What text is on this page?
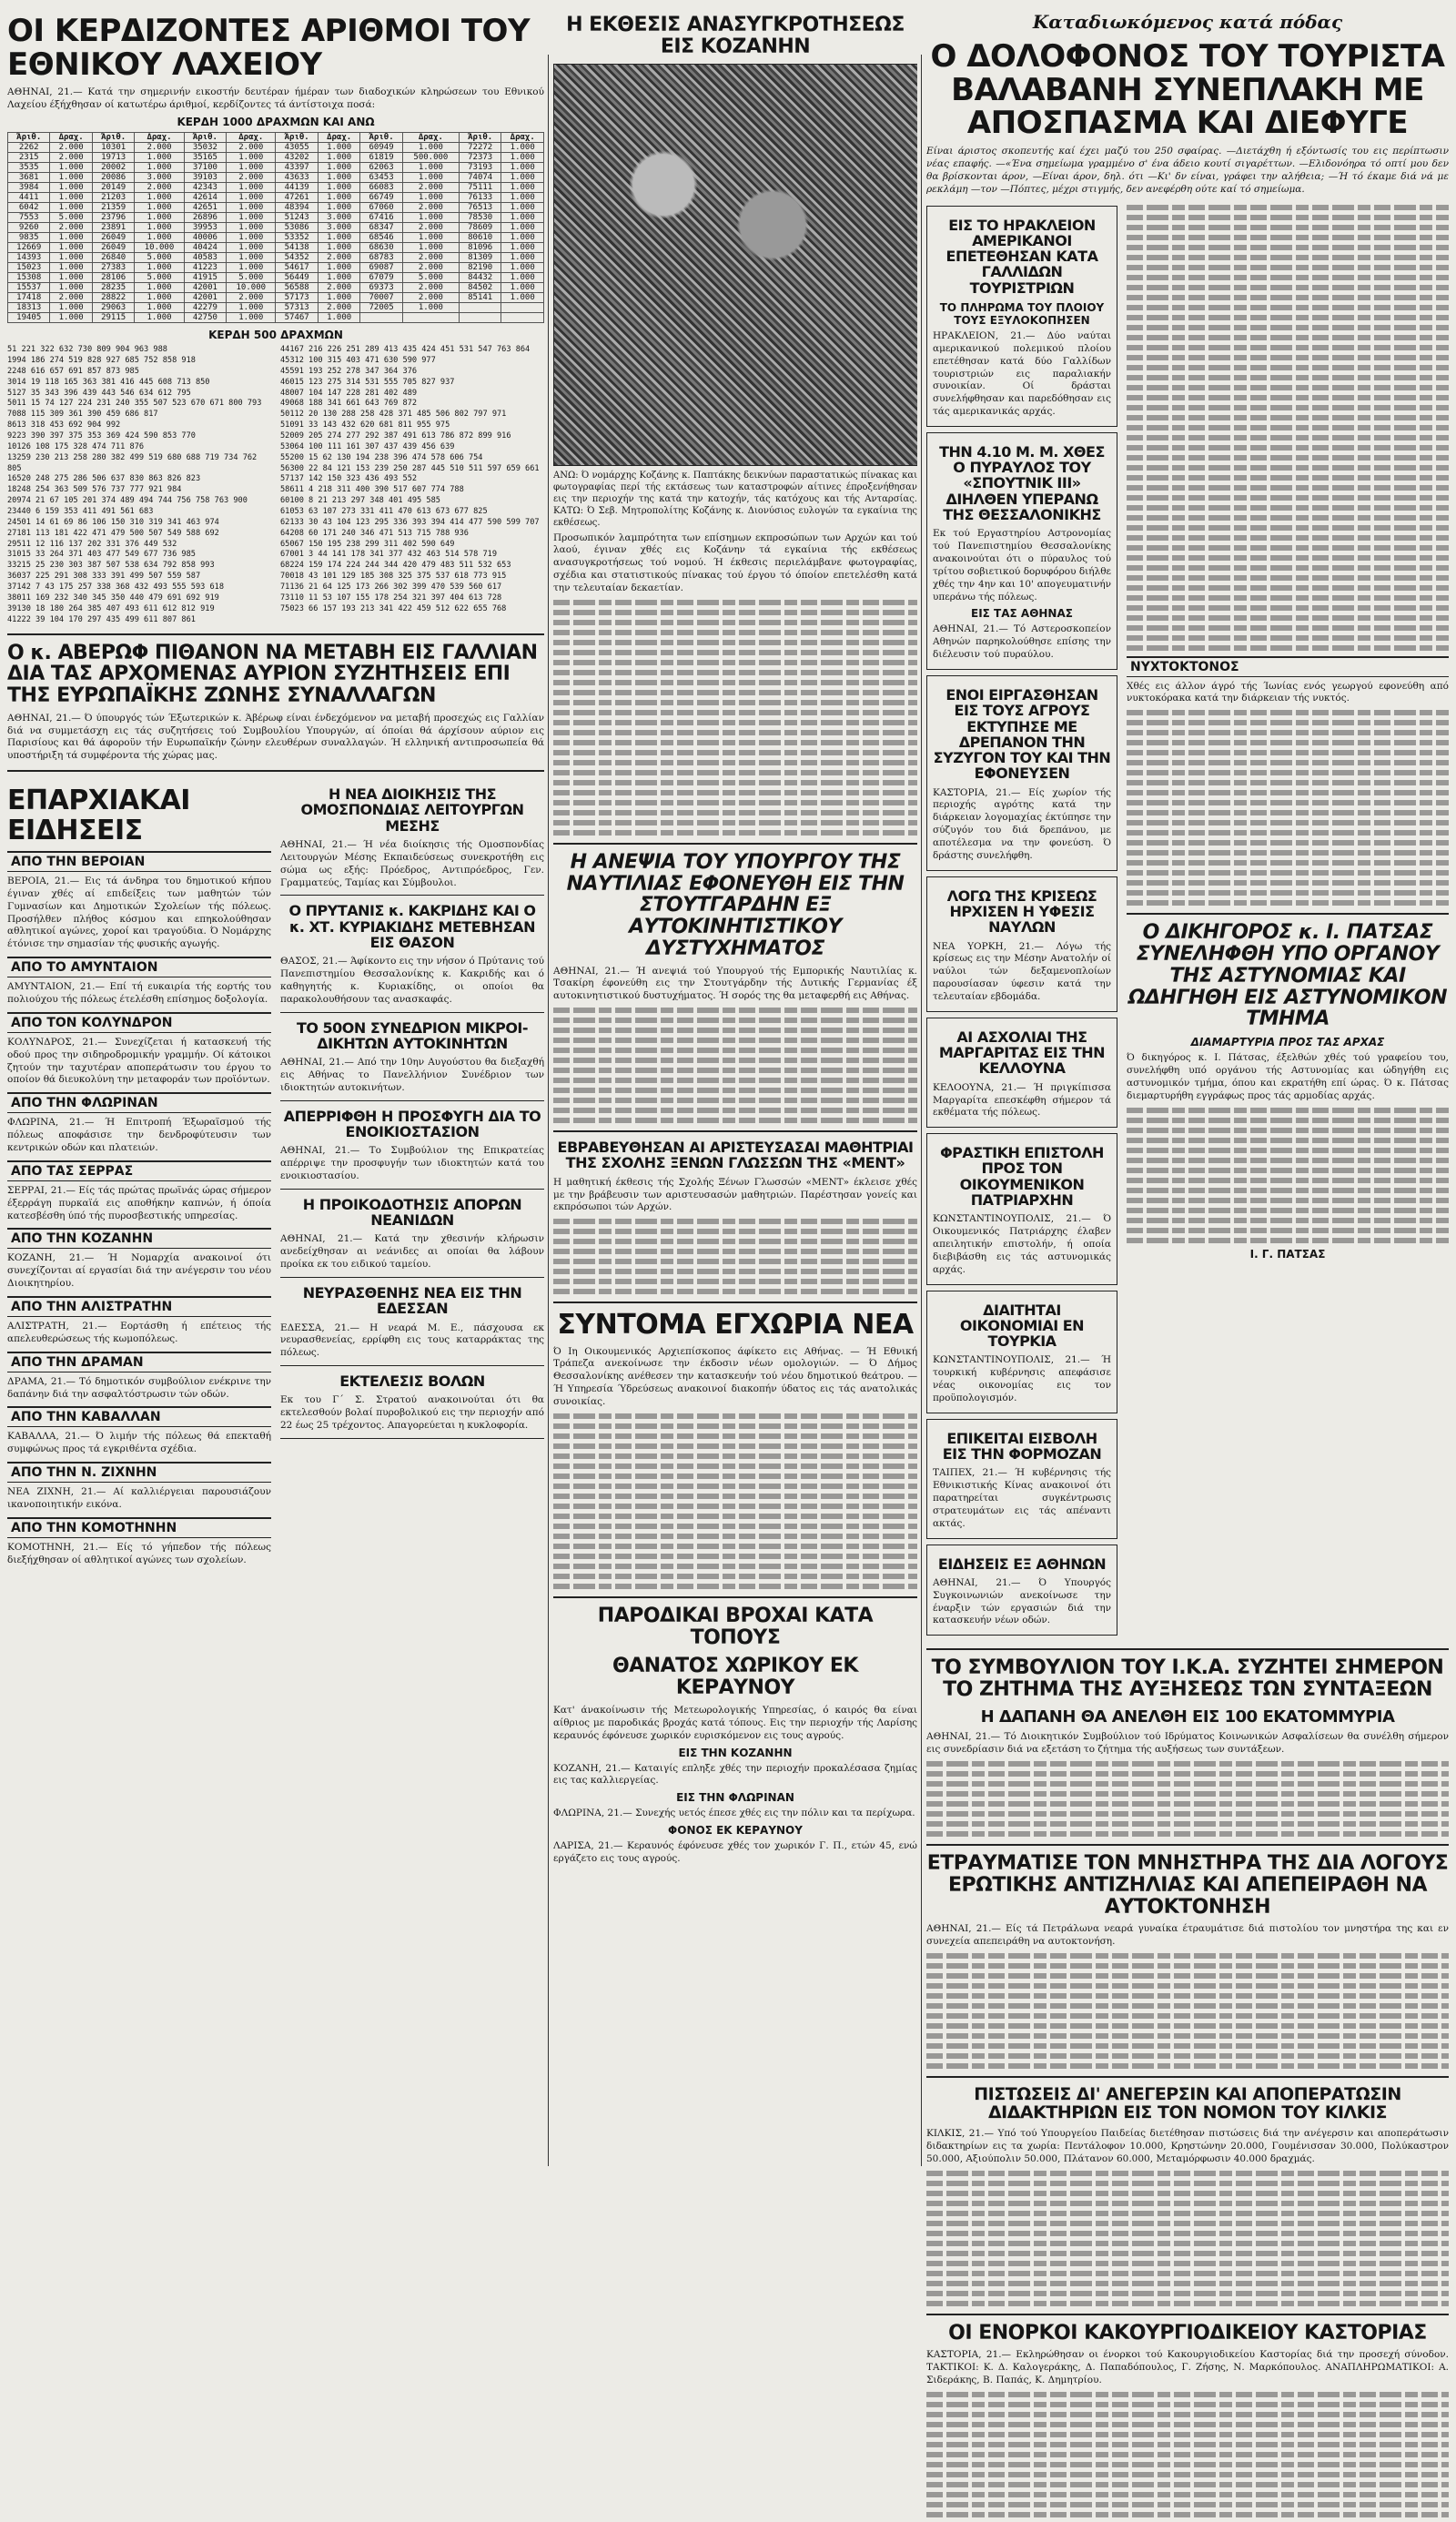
ΟΙ ΚΕΡΔΙΖΟΝΤΕΣ ΑΡΙΘΜΟΙ ΤΟΥ ΕΘΝΙΚΟΥ ΛΑΧΕΙΟΥ

ΑΘΗΝΑΙ, 21.— Κατά την σημερινήν εικοστήν δευτέραν ήμέραν των διαδοχικών κληρώσεων του Εθνικού Λαχείου έξήχθησαν οί κατωτέρω άριθμοί, κερδίζοντες τά άντίστοιχα ποσά:

ΚΕΡΔΗ 1000 ΔΡΑΧΜΩΝ ΚΑΙ ΑΝΩ
Άριθ.	Δραχ.	Άριθ.	Δραχ.	Άριθ.	Δραχ.	Άριθ.	Δραχ.	Άριθ.	Δραχ.	Άριθ.	Δραχ.
2262	2.000	10301	2.000	35032	2.000	43055	1.000	60949	1.000	72272	1.000
2315	2.000	19713	1.000	35165	1.000	43202	1.000	61819	500.000	72373	1.000
3535	1.000	20002	1.000	37100	1.000	43397	1.000	62063	1.000	73193	1.000
3681	1.000	20086	3.000	39103	2.000	43633	1.000	63453	1.000	74074	1.000
3984	1.000	20149	2.000	42343	1.000	44139	1.000	66083	2.000	75111	1.000
4411	1.000	21203	1.000	42614	1.000	47261	1.000	66749	1.000	76133	1.000
6042	1.000	21359	1.000	42651	1.000	48394	1.000	67060	2.000	76513	1.000
7553	5.000	23796	1.000	26896	1.000	51243	3.000	67416	1.000	78530	1.000
9260	2.000	23891	1.000	39953	1.000	53086	3.000	68347	2.000	78609	1.000
9835	1.000	26049	1.000	40006	1.000	53352	1.000	68546	1.000	80610	1.000
12669	1.000	26049	10.000	40424	1.000	54138	1.000	68630	1.000	81096	1.000
14393	1.000	26840	5.000	40583	1.000	54352	2.000	68783	2.000	81309	1.000
15023	1.000	27383	1.000	41223	1.000	54617	1.000	69087	2.000	82190	1.000
15308	1.000	28106	5.000	41915	5.000	56449	1.000	67079	5.000	84432	1.000
15537	1.000	28235	1.000	42001	10.000	56588	2.000	69373	2.000	84502	1.000
17418	2.000	28822	1.000	42001	2.000	57173	1.000	70007	2.000	85141	1.000
18313	1.000	29063	1.000	42279	1.000	57313	2.000	72005	1.000		
19405	1.000	29115	1.000	42750	1.000	57467	1.000				
ΚΕΡΔΗ 500 ΔΡΑΧΜΩΝ
51 221 322 632 730 809 904 963 988
1994 186 274 519 828 927 685 752 858 918
2248 616 657 691 857 873 985
3014 19 118 165 363 381 416 445 608 713 850
5127 35 343 396 439 443 546 634 612 795
5011 15 74 127 224 231 240 355 507 523 670 671 800 793
7088 115 309 361 390 459 686 817
8613 318 453 692 904 992
9223 390 397 375 353 369 424 590 853 770
10126 108 175 328 474 711 876
13259 230 213 258 280 382 499 519 680 688 719 734 762 805
16520 248 275 286 506 637 830 863 826 823
18248 254 363 509 576 737 777 921 984
20974 21 67 105 201 374 489 494 744 756 758 763 900
23440 6 159 353 411 491 561 683
24501 14 61 69 86 106 150 310 319 341 463 974
27181 113 181 422 471 479 500 507 549 588 692
29511 12 116 137 202 331 376 449 532
31015 33 264 371 403 477 549 677 736 985
33215 25 230 303 387 507 538 634 792 858 993
36037 225 291 308 333 391 499 507 559 587
37142 7 43 175 257 338 368 432 493 555 593 618
38011 169 232 340 345 350 440 479 691 692 919
39130 18 180 264 385 407 493 611 612 812 919
41222 39 104 170 297 435 499 611 807 861
44167 216 226 251 289 413 435 424 451 531 547 763 864
45312 100 315 403 471 630 590 977
45591 193 252 278 347 364 376
46015 123 275 314 531 555 705 827 937
48007 104 147 228 281 402 489
49068 188 341 661 643 769 872
50112 20 130 288 258 428 371 485 506 802 797 971
51091 33 143 432 620 681 811 955 975
52009 205 274 277 292 387 491 613 786 872 899 916
53064 100 111 161 307 437 439 456 639
55200 15 62 130 194 238 396 474 578 606 754
56300 22 84 121 153 239 250 287 445 510 511 597 659 661
57137 142 150 323 436 493 552
58611 4 218 311 400 390 517 607 774 788
60100 8 21 213 297 348 401 495 585
61053 63 107 273 331 411 470 613 673 677 825
62133 30 43 104 123 295 336 393 394 414 477 590 599 707
64208 60 171 240 346 471 513 715 788 936
65067 150 195 238 299 311 402 590 649
67001 3 44 141 178 341 377 432 463 514 578 719
68224 159 174 224 244 344 420 479 483 511 532 653
70018 43 101 129 185 308 325 375 537 618 773 915
71136 21 64 125 173 266 302 399 470 539 560 617
73110 11 53 107 155 178 254 321 397 404 613 728
75023 66 157 193 213 341 422 459 512 622 655 768
Ο κ. ΑΒΕΡΩΦ ΠΙΘΑΝΟΝ ΝΑ ΜΕΤΑΒΗ ΕΙΣ ΓΑΛΛΙΑΝ ΔΙΑ ΤΑΣ ΑΡΧΟΜΕΝΑΣ ΑΥΡΙΟΝ ΣΥΖΗΤΗΣΕΙΣ ΕΠΙ ΤΗΣ ΕΥΡΩΠΑΪΚΗΣ ΖΩΝΗΣ ΣΥΝΑΛΛΑΓΩΝ

ΑΘΗΝΑΙ, 21.— Ό ύπουργός τών Έξωτερικών κ. Άβέρωφ είναι ένδεχόμενον να μεταβή προσεχώς εις Γαλλίαν διά να συμμετάσχη εις τάς συζητήσεις τού Συμβουλίου Υπουργών, αί όποίαι θά άρχίσουν αύριον εις Παρισίους και θά άφοροϋν τήν Ευρωπαϊκήν ζώνην ελευθέρων συναλλαγών. Ή ελληνική αντιπροσωπεία θά υποστήριξη τά συμφέροντα τής χώρας μας.

ΕΠΑΡΧΙΑΚΑΙ ΕΙΔΗΣΕΙΣ
ΑΠΟ ΤΗΝ ΒΕΡΟΙΑΝ

ΒΕΡΟΙΑ, 21.— Εις τά άνδηρα του δημοτικού κήπου έγιναν χθές αί επιδείξεις των μαθητών τών Γυμνασίων και Δημοτικών Σχολείων τής πόλεως. Προσήλθεν πλήθος κόσμου και επηκολούθησαν αθλητικοί αγώνες, χοροί και τραγούδια. Ό Νομάρχης έτόνισε την σημασίαν τής φυσικής αγωγής.

ΑΠΟ ΤΟ ΑΜΥΝΤΑΙΟΝ

ΑΜΥΝΤΑΙΟΝ, 21.— Επί τή ευκαιρία τής εορτής του πολιούχου τής πόλεως έτελέσθη επίσημος δοξολογία.

ΑΠΟ ΤΟΝ ΚΟΛΥΝΔΡΟΝ

ΚΟΛΥΝΔΡΟΣ, 21.— Συνεχίζεται ή κατασκευή τής οδού προς την σιδηροδρομικήν γραμμήν. Οί κάτοικοι ζητούν την ταχυτέραν αποπεράτωσιν του έργου το οποίον θά διευκολύνη την μεταφοράν των προϊόντων.

ΑΠΟ ΤΗΝ ΦΛΩΡΙΝΑΝ

ΦΛΩΡΙΝΑ, 21.— Ή Επιτροπή Έξωραϊσμού τής πόλεως αποφάσισε την δενδροφύτευσιν των κεντρικών οδών και πλατειών.

ΑΠΟ ΤΑΣ ΣΕΡΡΑΣ

ΣΕΡΡΑΙ, 21.— Είς τάς πρώτας πρωϊνάς ώρας σήμερον έξερράγη πυρκαϊά εις αποθήκην καπνών, ή όποία κατεσβέσθη ύπό τής πυροσβεστικής υπηρεσίας.

ΑΠΟ ΤΗΝ ΚΟΖΑΝΗΝ

ΚΟΖΑΝΗ, 21.— Ή Νομαρχία ανακοινοί ότι συνεχίζονται αί εργασίαι διά την ανέγερσιν του νέου Διοικητηρίου.

ΑΠΟ ΤΗΝ ΑΛΙΣΤΡΑΤΗΝ

ΑΛΙΣΤΡΑΤΗ, 21.— Εορτάσθη ή επέτειος τής απελευθερώσεως τής κωμοπόλεως.

ΑΠΟ ΤΗΝ ΔΡΑΜΑΝ

ΔΡΑΜΑ, 21.— Τό δημοτικόν συμβούλιον ενέκρινε την δαπάνην διά την ασφαλτόστρωσιν τών οδών.

ΑΠΟ ΤΗΝ ΚΑΒΑΛΛΑΝ

ΚΑΒΑΛΛΑ, 21.— Ό λιμήν τής πόλεως θά επεκταθή συμφώνως προς τά εγκριθέντα σχέδια.

ΑΠΟ ΤΗΝ Ν. ΖΙΧΝΗΝ

ΝΕΑ ΖΙΧΝΗ, 21.— Αί καλλιέργειαι παρουσιάζουν ικανοποιητικήν εικόνα.

ΑΠΟ ΤΗΝ ΚΟΜΟΤΗΝΗΝ

ΚΟΜΟΤΗΝΗ, 21.— Είς τό γήπεδον τής πόλεως διεξήχθησαν οί αθλητικοί αγώνες των σχολείων.

Η ΝΕΑ ΔΙΟΙΚΗΣΙΣ ΤΗΣ ΟΜΟΣΠΟΝΔΙΑΣ ΛΕΙΤΟΥΡΓΩΝ ΜΕΣΗΣ

ΑΘΗΝΑΙ, 21.— Ή νέα διοίκησις τής Ομοσπονδίας Λειτουργών Μέσης Εκπαιδεύσεως συνεκροτήθη εις σώμα ως εξής: Πρόεδρος, Αντιπρόεδρος, Γεν. Γραμματεύς, Ταμίας και Σύμβουλοι.

Ο ΠΡΥΤΑΝΙΣ κ. ΚΑΚΡΙΔΗΣ ΚΑΙ Ο κ. ΧΤ. ΚΥΡΙΑΚΙΔΗΣ ΜΕΤΕΒΗΣΑΝ ΕΙΣ ΘΑΣΟΝ

ΘΑΣΟΣ, 21.— Άφίκοντο εις την νήσον ό Πρύτανις τού Πανεπιστημίου Θεσσαλονίκης κ. Κακριδής και ό καθηγητής κ. Κυριακίδης, οι οποίοι θα παρακολουθήσουν τας ανασκαφάς.

ΤΟ 50ΟΝ ΣΥΝΕΔΡΙΟΝ ΜΙΚΡΟΙ-ΔΙΚΗΤΩΝ ΑΥΤΟΚΙΝΗΤΩΝ

ΑΘΗΝΑΙ, 21.— Από την 10ην Αυγούστου θα διεξαχθή εις Αθήνας το Πανελλήνιον Συνέδριον των ιδιοκτητών αυτοκινήτων.

ΑΠΕΡΡΙΦΘΗ Η ΠΡΟΣΦΥΓΗ ΔΙΑ ΤΟ ΕΝΟΙΚΙΟΣΤΑΣΙΟΝ

ΑΘΗΝΑΙ, 21.— Το Συμβούλιον της Επικρατείας απέρριψε την προσφυγήν των ιδιοκτητών κατά του ενοικιοστασίου.

Η ΠΡΟΙΚΟΔΟΤΗΣΙΣ ΑΠΟΡΩΝ ΝΕΑΝΙΔΩΝ

ΑΘΗΝΑΙ, 21.— Κατά την χθεσινήν κλήρωσιν ανεδείχθησαν αι νεάνιδες αι οποίαι θα λάβουν προίκα εκ του ειδικού ταμείου.

ΝΕΥΡΑΣΘΕΝΗΣ ΝΕΑ ΕΙΣ ΤΗΝ ΕΔΕΣΣΑΝ

ΕΔΕΣΣΑ, 21.— Η νεαρά Μ. Ε., πάσχουσα εκ νευρασθενείας, ερρίφθη εις τους καταρράκτας της πόλεως.

ΕΚΤΕΛΕΣΙΣ ΒΟΛΩΝ

Εκ του Γ΄ Σ. Στρατού ανακοινούται ότι θα εκτελεσθούν βολαί πυροβολικού εις την περιοχήν από 22 έως 25 τρέχοντος. Απαγορεύεται η κυκλοφορία.

Η ΕΚΘΕΣΙΣ ΑΝΑΣΥΓΚΡΟΤΗΣΕΩΣ ΕΙΣ ΚΟΖΑΝΗΝ

ΑΝΩ: Ό νομάρχης Κοζάνης κ. Παπτάκης δεικνύων παραστατικώς πίνακας και φωτογραφίας περί τής εκτάσεως των καταστροφών αίτινες έπροξενήθησαν εις την περιοχήν της κατά την κατοχήν, τάς κατόχους και τής Ανταρσίας. ΚΑΤΩ: Ό Σεβ. Μητροπολίτης Κοζάνης κ. Διονύσιος ευλογών τα εγκαίνια της εκθέσεως.

Προσωπικόν λαμπρότητα των επίσημων εκπροσώπων των Αρχών και τού λαού, έγιναν χθές εις Κοζάνην τά εγκαίνια τής εκθέσεως ανασυγκροτήσεως τού νομού. Ή έκθεσις περιελάμβανε φωτογραφίας, σχέδια και στατιστικούς πίνακας τού έργου τό όποίον επετελέσθη κατά την τελευταίαν δεκαετίαν.

Η ΑΝΕΨΙΑ ΤΟΥ ΥΠΟΥΡΓΟΥ ΤΗΣ ΝΑΥΤΙΛΙΑΣ ΕΦΟΝΕΥΘΗ ΕΙΣ ΤΗΝ ΣΤΟΥΤΓΑΡΔΗΝ ΕΞ ΑΥΤΟΚΙΝΗΤΙΣΤΙΚΟΥ ΔΥΣΤΥΧΗΜΑΤΟΣ

ΑΘΗΝΑΙ, 21.— Ή ανεψιά τού Υπουργού τής Εμπορικής Ναυτιλίας κ. Τσακίρη έφονεύθη εις την Στουτγάρδην τής Δυτικής Γερμανίας έξ αυτοκινητιστικού δυστυχήματος. Ή σορός της θα μεταφερθή εις Αθήνας.

ΕΒΡΑΒΕΥΘΗΣΑΝ ΑΙ ΑΡΙΣΤΕΥΣΑΣΑΙ ΜΑΘΗΤΡΙΑΙ ΤΗΣ ΣΧΟΛΗΣ ΞΕΝΩΝ ΓΛΩΣΣΩΝ ΤΗΣ «ΜΕΝΤ»

Η μαθητική έκθεσις τής Σχολής Ξένων Γλωσσών «ΜΕΝΤ» έκλεισε χθές με την βράβευσιν των αριστευσασών μαθητριών. Παρέστησαν γονείς και εκπρόσωποι τών Αρχών.

ΣΥΝΤΟΜΑ ΕΓΧΩΡΙΑ ΝΕΑ

Ό Ιη Οικουμενικός Αρχιεπίσκοπος άφίκετο εις Αθήνας. — Ή Εθνική Τράπεζα ανεκοίνωσε την έκδοσιν νέων ομολογιών. — Ό Δήμος Θεσσαλονίκης ανέθεσεν την κατασκευήν τού νέου δημοτικού θεάτρου. — Ή Υπηρεσία Ύδρεύσεως ανακοινοί διακοπήν ύδατος εις τάς ανατολικάς συνοικίας.

ΠΑΡΟΔΙΚΑΙ ΒΡΟΧΑΙ ΚΑΤΑ ΤΟΠΟΥΣ
ΘΑΝΑΤΟΣ ΧΩΡΙΚΟΥ ΕΚ ΚΕΡΑΥΝΟΥ

Κατ' άνακοίνωσιν τής Μετεωρολογικής Υπηρεσίας, ό καιρός θα είναι αίθριος με παροδικάς βροχάς κατά τόπους. Εις την περιοχήν τής Λαρίσης κεραυνός έφόνευσε χωρικόν ευρισκόμενον εις τους αγρούς.

ΕΙΣ ΤΗΝ ΚΟΖΑΝΗΝ

ΚΟΖΑΝΗ, 21.— Καταιγίς επληξε χθές την περιοχήν προκαλέσασα ζημίας εις τας καλλιεργείας.

ΕΙΣ ΤΗΝ ΦΛΩΡΙΝΑΝ

ΦΛΩΡΙΝΑ, 21.— Συνεχής υετός έπεσε χθές εις την πόλιν και τα περίχωρα.

ΦΟΝΟΣ ΕΚ ΚΕΡΑΥΝΟΥ

ΛΑΡΙΣΑ, 21.— Κεραυνός έφόνευσε χθές τον χωρικόν Γ. Π., ετών 45, ενώ εργάζετο εις τους αγρούς.

Καταδιωκόμενος κατά πόδας
Ο ΔΟΛΟΦΟΝΟΣ ΤΟΥ ΤΟΥΡΙΣΤΑ ΒΑΛΑΒΑΝΗ ΣΥΝΕΠΛΑΚΗ ΜΕ ΑΠΟΣΠΑΣΜΑ ΚΑΙ ΔΙΕΦΥΓΕ

Είναι άριστος σκοπευτής καί έχει μαζύ του 250 σφαίρας. —Διετάχθη ή εξόντωσίς του εις περίπτωσιν νέας επαφής. —«Ένα σημείωμα γραμμένο σ' ένα άδειο κουτί σιγαρέττων. —Ελιδονόηρα τό οπτί μου δεν θα βρίσκονται άρον, —Είναι άρον, δηλ. ότι —Κι' δν είναι, γράφει την αλήθεια; —Ή τό έκαμε διά νά με ρεκλάμη —τον —Πόπτες, μέχρι στιγμής, δεν ανεφέρθη ούτε καί τό σημείωμα.

ΕΙΣ ΤΟ ΗΡΑΚΛΕΙΟΝ ΑΜΕΡΙΚΑΝΟΙ ΕΠΕΤΕΘΗΣΑΝ ΚΑΤΑ ΓΑΛΛΙΔΩΝ ΤΟΥΡΙΣΤΡΙΩΝ
ΤΟ ΠΛΗΡΩΜΑ ΤΟΥ ΠΛΟΙΟΥ ΤΟΥΣ ΕΞΥΛΟΚΟΠΗΣΕΝ

ΗΡΑΚΛΕΙΟΝ, 21.— Δύο ναύται αμερικανικού πολεμικού πλοίου επετέθησαν κατά δύο Γαλλίδων τουριστριών εις παραλιακήν συνοικίαν. Οί δράσται συνελήφθησαν και παρεδόθησαν εις τάς αμερικανικάς αρχάς.

ΤΗΝ 4.10 Μ. Μ. ΧΘΕΣ Ο ΠΥΡΑΥΛΟΣ ΤΟΥ «ΣΠΟΥΤΝΙΚ ΙΙΙ» ΔΙΗΛΘΕΝ ΥΠΕΡΑΝΩ ΤΗΣ ΘΕΣΣΑΛΟΝΙΚΗΣ

Εκ τού Εργαστηρίου Αστρονομίας τού Πανεπιστημίου Θεσσαλονίκης ανακοινούται ότι ο πύραυλος τού τρίτου σοβιετικού δορυφόρου διήλθε χθές την 4ην και 10' απογευματινήν υπεράνω τής πόλεως.

ΕΙΣ ΤΑΣ ΑΘΗΝΑΣ

ΑΘΗΝΑΙ, 21.— Τό Αστεροσκοπείον Αθηνών παρηκολούθησε επίσης την διέλευσιν τού πυραύλου.

ΕΝΟΙ ΕΙΡΓΑΣΘΗΣΑΝ ΕΙΣ ΤΟΥΣ ΑΓΡΟΥΣ ΕΚΤΥΠΗΣΕ ΜΕ ΔΡΕΠΑΝΟΝ ΤΗΝ ΣΥΖΥΓΟΝ ΤΟΥ ΚΑΙ ΤΗΝ ΕΦΟΝΕΥΣΕΝ

ΚΑΣΤΟΡΙΑ, 21.— Είς χωρίον τής περιοχής αγρότης κατά την διάρκειαν λογομαχίας έκτύπησε την σύζυγόν του διά δρεπάνου, με αποτέλεσμα να την φονεύση. Ό δράστης συνελήφθη.

ΛΟΓΩ ΤΗΣ ΚΡΙΣΕΩΣ ΗΡΧΙΣΕΝ Η ΥΦΕΣΙΣ ΝΑΥΛΩΝ

ΝΕΑ ΥΟΡΚΗ, 21.— Λόγω τής κρίσεως εις την Μέσην Ανατολήν οί ναύλοι τών δεξαμενοπλοίων παρουσίασαν ύφεσιν κατά την τελευταίαν εβδομάδα.

ΑΙ ΑΣΧΟΛΙΑΙ ΤΗΣ ΜΑΡΓΑΡΙΤΑΣ ΕΙΣ ΤΗΝ ΚΕΛΛΟΥΝΑ

ΚΕΛΟΟΥΝΑ, 21.— Ή πριγκίπισσα Μαργαρίτα επεσκέφθη σήμερον τά εκθέματα τής πόλεως.

ΦΡΑΣΤΙΚΗ ΕΠΙΣΤΟΛΗ ΠΡΟΣ ΤΟΝ ΟΙΚΟΥΜΕΝΙΚΟΝ ΠΑΤΡΙΑΡΧΗΝ

ΚΩΝΣΤΑΝΤΙΝΟΥΠΟΛΙΣ, 21.— Ό Οικουμενικός Πατριάρχης έλαβεν απειλητικήν επιστολήν, ή οποία διεβιβάσθη εις τάς αστυνομικάς αρχάς.

ΔΙΑΙΤΗΤΑΙ ΟΙΚΟΝΟΜΙΑΙ ΕΝ ΤΟΥΡΚΙΑ

ΚΩΝΣΤΑΝΤΙΝΟΥΠΟΛΙΣ, 21.— Ή τουρκική κυβέρνησις απεφάσισε νέας οικονομίας εις τον προϋπολογισμόν.

ΕΠΙΚΕΙΤΑΙ ΕΙΣΒΟΛΗ ΕΙΣ ΤΗΝ ΦΟΡΜΟΖΑΝ

ΤΑΙΠΕΧ, 21.— Ή κυβέρνησις τής Εθνικιστικής Κίνας ανακοινοί ότι παρατηρείται συγκέντρωσις στρατευμάτων εις τάς απέναντι ακτάς.

ΕΙΔΗΣΕΙΣ ΕΞ ΑΘΗΝΩΝ

ΑΘΗΝΑΙ, 21.— Ό Υπουργός Συγκοινωνιών ανεκοίνωσε την έναρξιν τών εργασιών διά την κατασκευήν νέων οδών.

ΝΥΧΤΟΚΤΟΝΟΣ

Χθές εις άλλον άγρό τής Ίωνίας ενός γεωργού εφονεύθη από νυκτοκόρακα κατά την διάρκειαν τής νυκτός.

Ο ΔΙΚΗΓΟΡΟΣ κ. Ι. ΠΑΤΣΑΣ ΣΥΝΕΛΗΦΘΗ ΥΠΟ ΟΡΓΑΝΟΥ ΤΗΣ ΑΣΤΥΝΟΜΙΑΣ ΚΑΙ ΩΔΗΓΗΘΗ ΕΙΣ ΑΣΤΥΝΟΜΙΚΟΝ ΤΜΗΜΑ
ΔΙΑΜΑΡΤΥΡΙΑ ΠΡΟΣ ΤΑΣ ΑΡΧΑΣ

Ό δικηγόρος κ. Ι. Πάτσας, έξελθών χθές τού γραφείου του, συνελήφθη υπό οργάνου τής Αστυνομίας και ώδηγήθη εις αστυνομικόν τμήμα, όπου και εκρατήθη επί ώρας. Ό κ. Πάτσας διεμαρτυρήθη εγγράφως προς τάς αρμοδίας αρχάς.

Ι. Γ. ΠΑΤΣΑΣ
ΤΟ ΣΥΜΒΟΥΛΙΟΝ ΤΟΥ Ι.Κ.Α. ΣΥΖΗΤΕΙ ΣΗΜΕΡΟΝ ΤΟ ΖΗΤΗΜΑ ΤΗΣ ΑΥΞΗΣΕΩΣ ΤΩΝ ΣΥΝΤΑΞΕΩΝ
Η ΔΑΠΑΝΗ ΘΑ ΑΝΕΛΘΗ ΕΙΣ 100 ΕΚΑΤΟΜΜΥΡΙΑ

ΑΘΗΝΑΙ, 21.— Τό Διοικητικόν Συμβούλιον τού Ιδρύματος Κοινωνικών Ασφαλίσεων θα συνέλθη σήμερον εις συνεδρίασιν διά να εξετάση το ζήτημα τής αυξήσεως των συντάξεων.

ΕΤΡΑΥΜΑΤΙΣΕ ΤΟΝ ΜΝΗΣΤΗΡΑ ΤΗΣ ΔΙΑ ΛΟΓΟΥΣ ΕΡΩΤΙΚΗΣ ΑΝΤΙΖΗΛΙΑΣ ΚΑΙ ΑΠΕΠΕΙΡΑΘΗ ΝΑ ΑΥΤΟΚΤΟΝΗΣΗ

ΑΘΗΝΑΙ, 21.— Είς τά Πετράλωνα νεαρά γυναίκα έτραυμάτισε διά πιστολίου τον μνηστήρα της και εν συνεχεία απεπειράθη να αυτοκτονήση.

ΠΙΣΤΩΣΕΙΣ ΔΙ' ΑΝΕΓΕΡΣΙΝ ΚΑΙ ΑΠΟΠΕΡΑΤΩΣΙΝ ΔΙΔΑΚΤΗΡΙΩΝ ΕΙΣ ΤΟΝ ΝΟΜΟΝ ΤΟΥ ΚΙΛΚΙΣ

ΚΙΛΚΙΣ, 21.— Υπό τού Υπουργείου Παιδείας διετέθησαν πιστώσεις διά την ανέγερσιν και αποπεράτωσιν διδακτηρίων εις τα χωρία: Πεντάλοφον 10.000, Κρηστώνην 20.000, Γουμένισσαν 30.000, Πολύκαστρον 50.000, Αξιούπολιν 50.000, Πλάτανον 60.000, Μεταμόρφωσιν 40.000 δραχμάς.

ΟΙ ΕΝΟΡΚΟΙ ΚΑΚΟΥΡΓΙΟΔΙΚΕΙΟΥ ΚΑΣΤΟΡΙΑΣ

ΚΑΣΤΟΡΙΑ, 21.— Εκληρώθησαν οι ένορκοι τού Κακουργιοδικείου Καστορίας διά την προσεχή σύνοδον. ΤΑΚΤΙΚΟΙ: Κ. Δ. Καλογεράκης, Δ. Παπαδόπουλος, Γ. Ζήσης, Ν. Μαρκόπουλος. ΑΝΑΠΛΗΡΩΜΑΤΙΚΟΙ: Α. Σιδεράκης, Β. Παπάς, Κ. Δημητρίου.
